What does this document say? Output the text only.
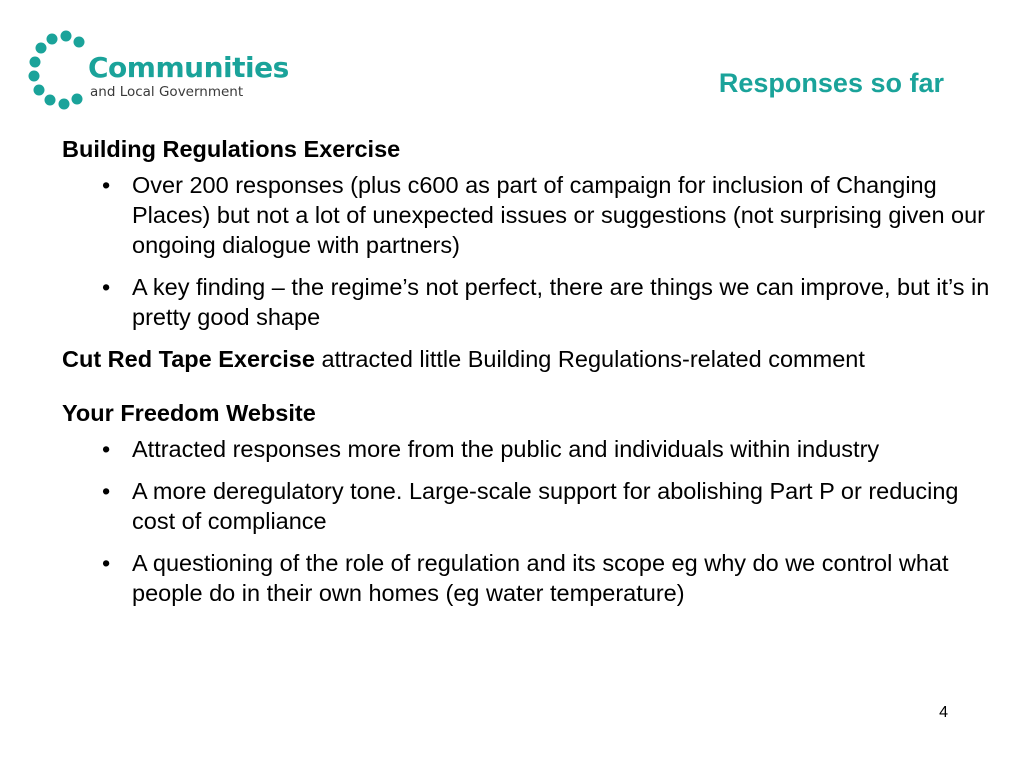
Communities
and Local Government	Responses so far

Building Regulations Exercise

• Over 200 responses (plus c600 as part of campaign for inclusion of Changing Places) but not a lot of unexpected issues or suggestions (not surprising given our ongoing dialogue with partners)
• A key finding – the regime’s not perfect, there are things we can improve, but it’s in pretty good shape

Cut Red Tape Exercise attracted little Building Regulations-related comment

Your Freedom Website

• Attracted responses more from the public and individuals within industry
• A more deregulatory tone. Large-scale support for abolishing Part P or reducing cost of compliance
• A questioning of the role of regulation and its scope eg why do we control what people do in their own homes (eg water temperature)
4
